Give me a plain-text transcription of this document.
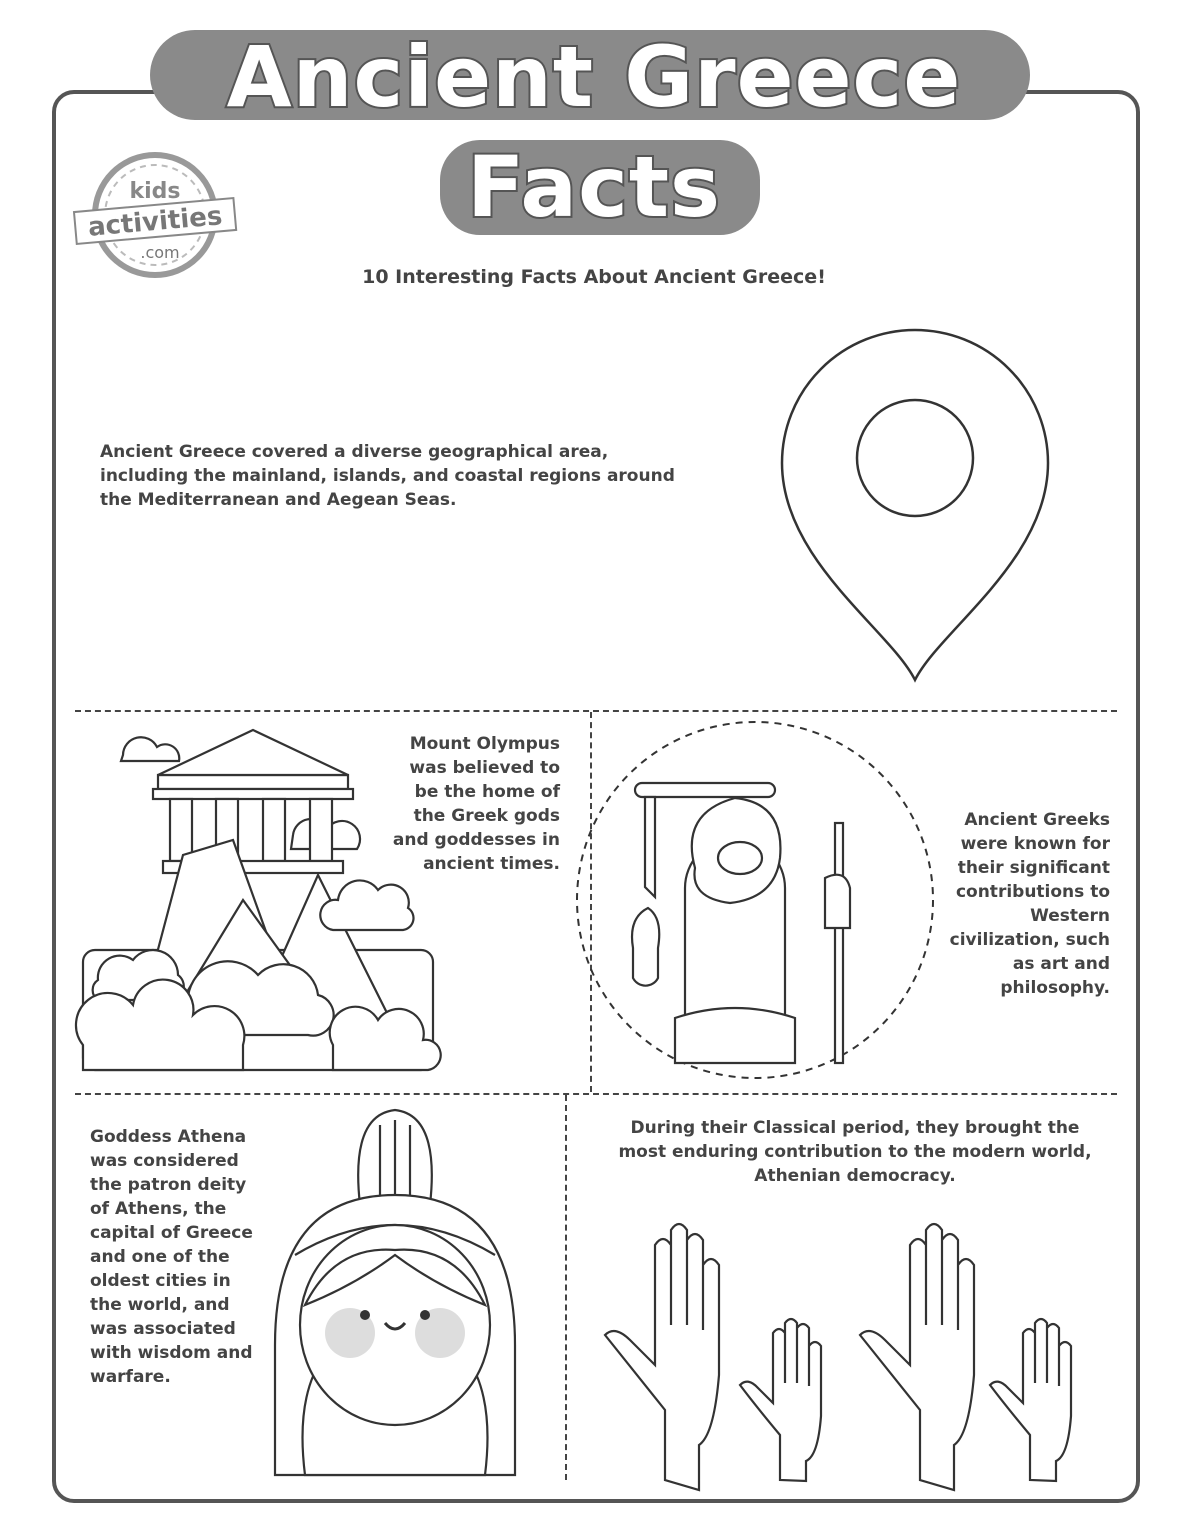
Ancient Greece
Facts
kids
activities
.com
10 Interesting Facts About Ancient Greece!
Ancient Greece covered a diverse geographical area, including the mainland, islands, and coastal regions around the Mediterranean and Aegean Seas.
Mount Olympus was believed to be the home of the Greek gods and goddesses in ancient times.
Ancient Greeks were known for their significant contributions to Western civilization, such as art and philosophy.
Goddess Athena was considered the patron deity of Athens, the capital of Greece and one of the oldest cities in the world, and was associated with wisdom and warfare.
During their Classical period, they brought the most enduring contribution to the modern world, Athenian democracy.
